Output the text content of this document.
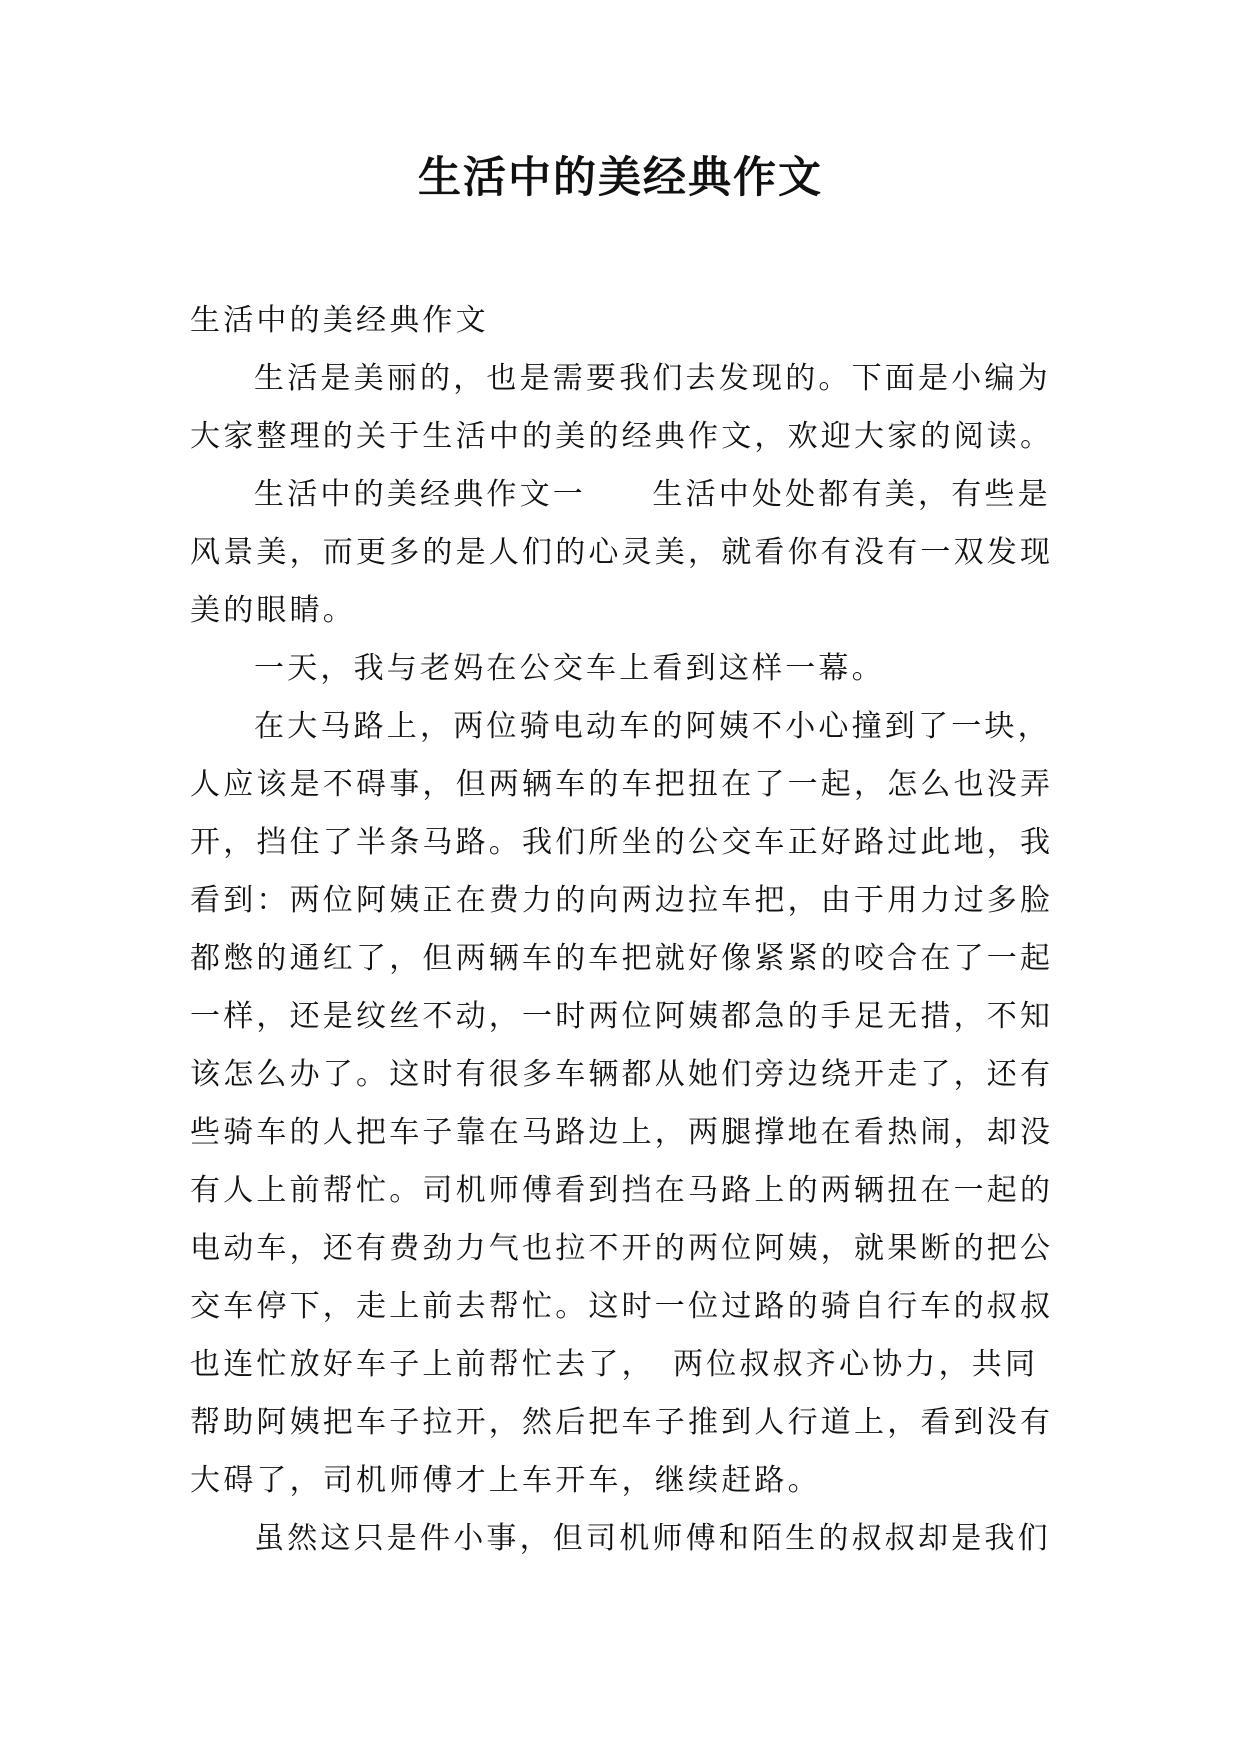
生活中的美经典作文
生活中的美经典作文
生活是美丽的，也是需要我们去发现的。下面是小编为
大家整理的关于生活中的美的经典作文，欢迎大家的阅读。
生活中的美经典作文一　　生活中处处都有美，有些是
风景美，而更多的是人们的心灵美，就看你有没有一双发现
美的眼睛。
一天，我与老妈在公交车上看到这样一幕。
在大马路上，两位骑电动车的阿姨不小心撞到了一块，
人应该是不碍事，但两辆车的车把扭在了一起，怎么也没弄
开，挡住了半条马路。我们所坐的公交车正好路过此地，我
看到：两位阿姨正在费力的向两边拉车把，由于用力过多脸
都憋的通红了，但两辆车的车把就好像紧紧的咬合在了一起
一样，还是纹丝不动，一时两位阿姨都急的手足无措，不知
该怎么办了。这时有很多车辆都从她们旁边绕开走了，还有
些骑车的人把车子靠在马路边上，两腿撑地在看热闹，却没
有人上前帮忙。司机师傅看到挡在马路上的两辆扭在一起的
电动车，还有费劲力气也拉不开的两位阿姨，就果断的把公
交车停下，走上前去帮忙。这时一位过路的骑自行车的叔叔
也连忙放好车子上前帮忙去了，　两位叔叔齐心协力，共同
帮助阿姨把车子拉开，然后把车子推到人行道上，看到没有
大碍了，司机师傅才上车开车，继续赶路。
虽然这只是件小事，但司机师傅和陌生的叔叔却是我们
